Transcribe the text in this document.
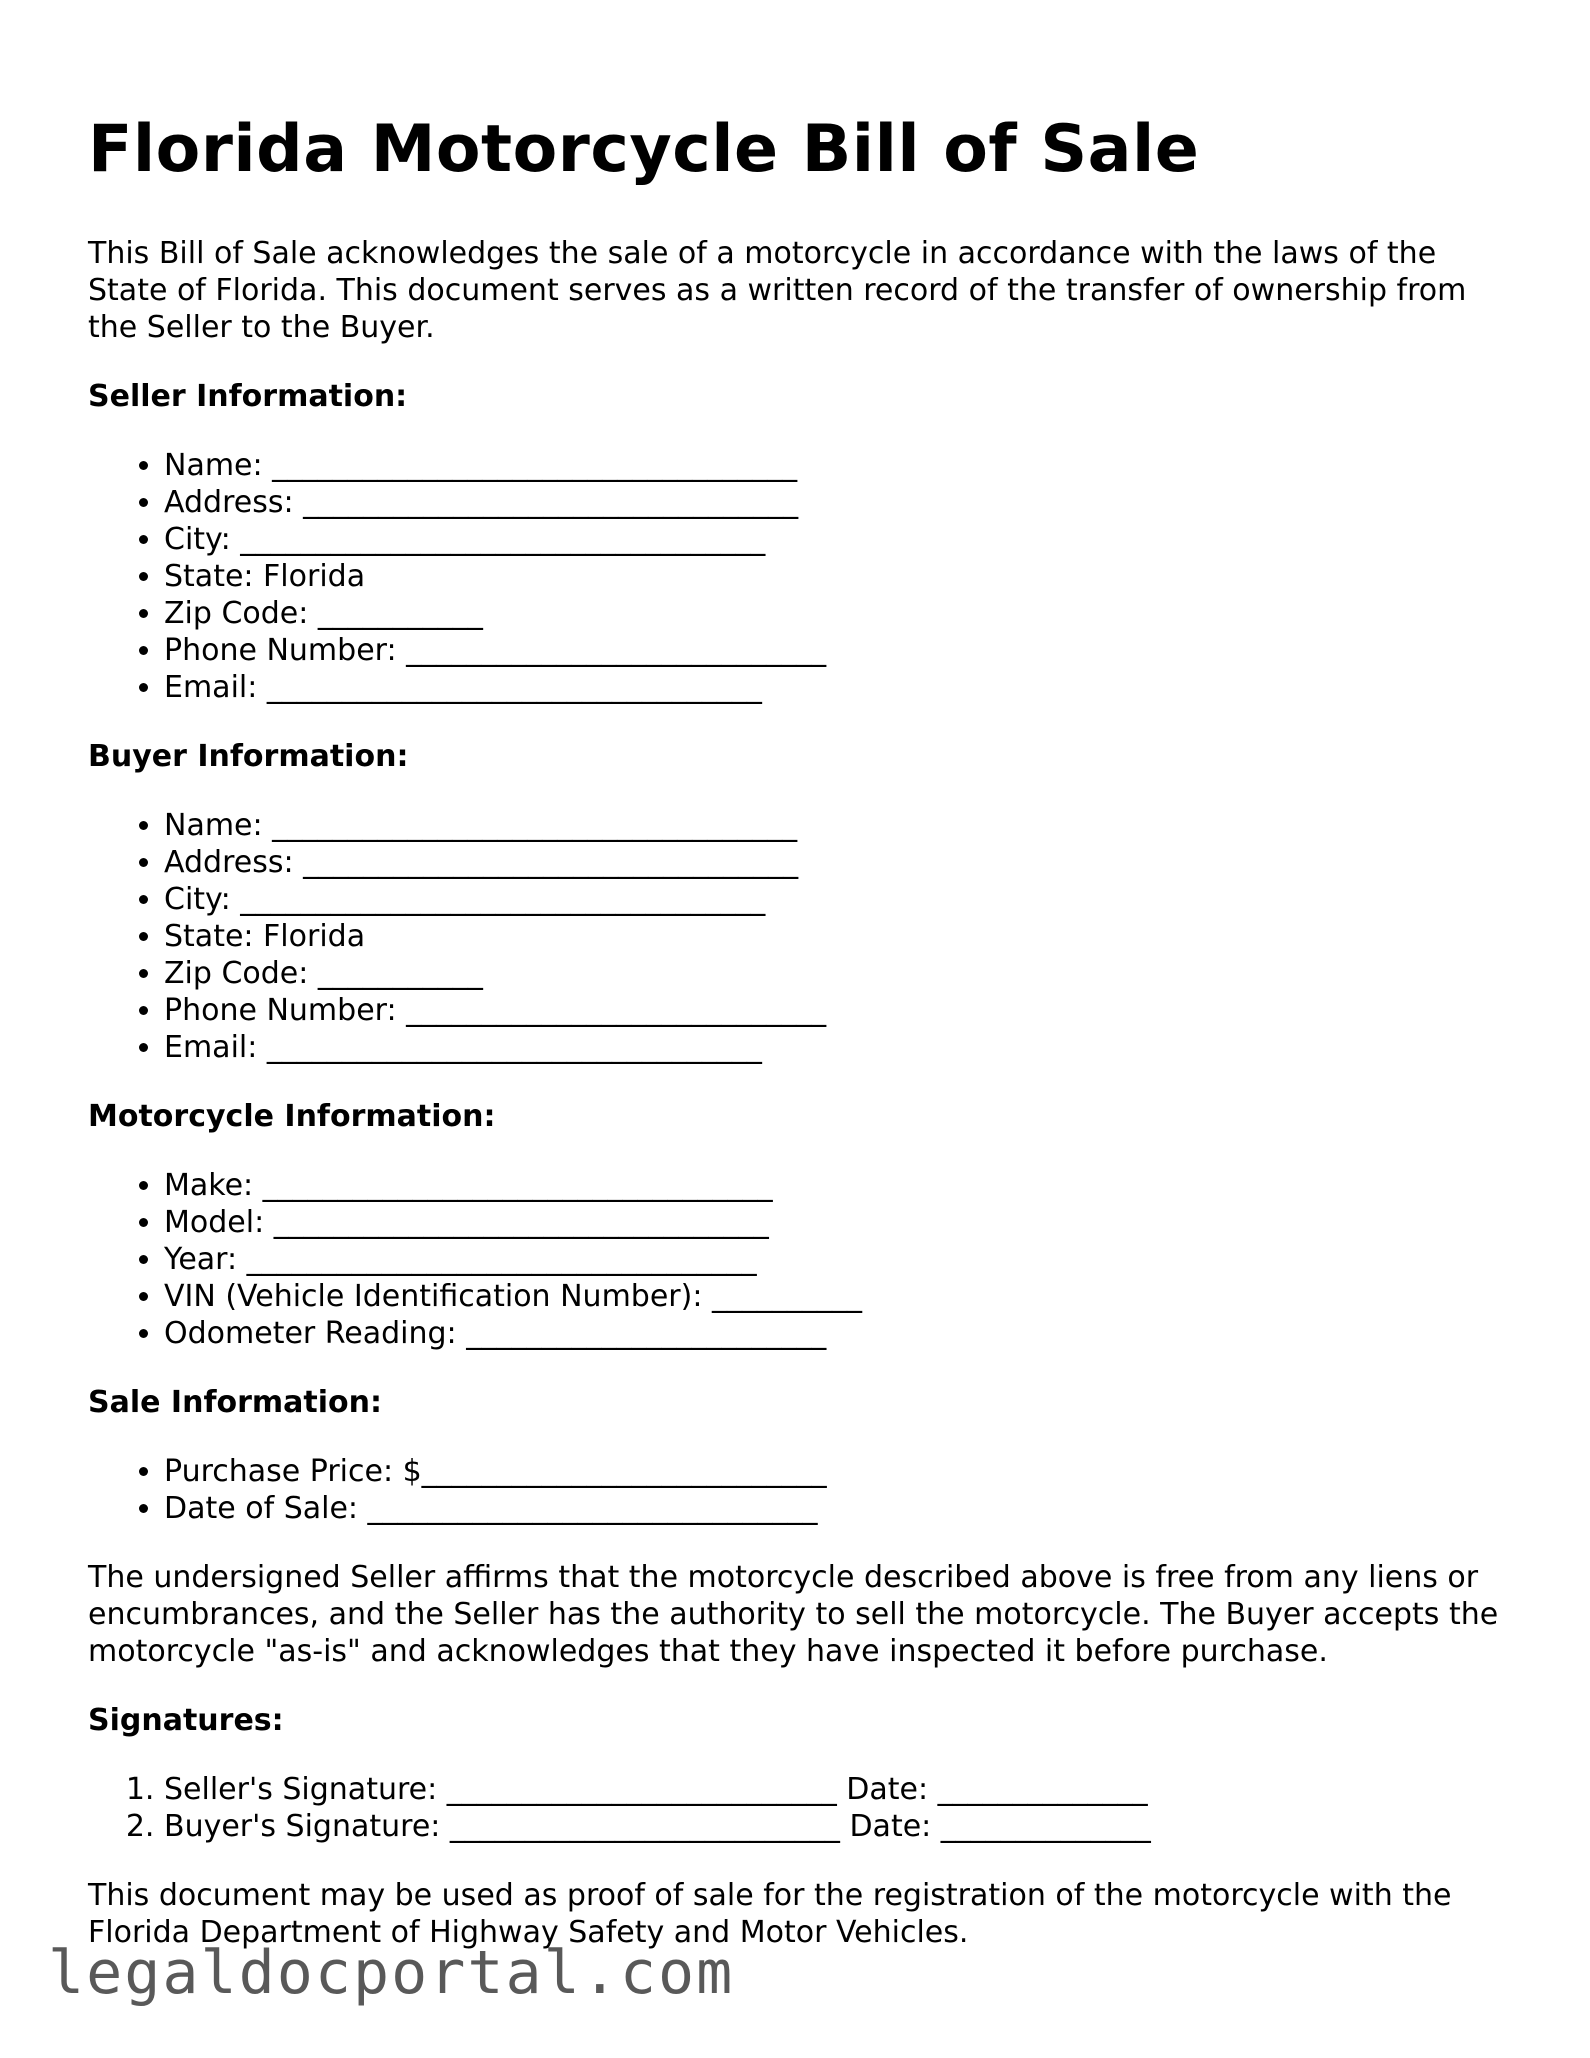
Florida Motorcycle Bill of Sale

This Bill of Sale acknowledges the sale of a motorcycle in accordance with the laws of the State of Florida. This document serves as a written record of the transfer of ownership from the Seller to the Buyer.

Seller Information:
• Name: ___________________________________
• Address: _________________________________
• City: ___________________________________
• State: Florida
• Zip Code: ___________
• Phone Number: ____________________________
• Email: _________________________________
Buyer Information:
• Name: ___________________________________
• Address: _________________________________
• City: ___________________________________
• State: Florida
• Zip Code: ___________
• Phone Number: ____________________________
• Email: _________________________________
Motorcycle Information:
• Make: __________________________________
• Model: _________________________________
• Year: __________________________________
• VIN (Vehicle Identification Number): __________
• Odometer Reading: ________________________
Sale Information:
• Purchase Price: $___________________________
• Date of Sale: ______________________________

The undersigned Seller affirms that the motorcycle described above is free from any liens or encumbrances, and the Seller has the authority to sell the motorcycle. The Buyer accepts the motorcycle "as-is" and acknowledges that they have inspected it before purchase.

Signatures:
1. Seller's Signature: __________________________ Date: ______________
2. Buyer's Signature: __________________________ Date: ______________

This document may be used as proof of sale for the registration of the motorcycle with the Florida Department of Highway Safety and Motor Vehicles.

legaldocportal.com
